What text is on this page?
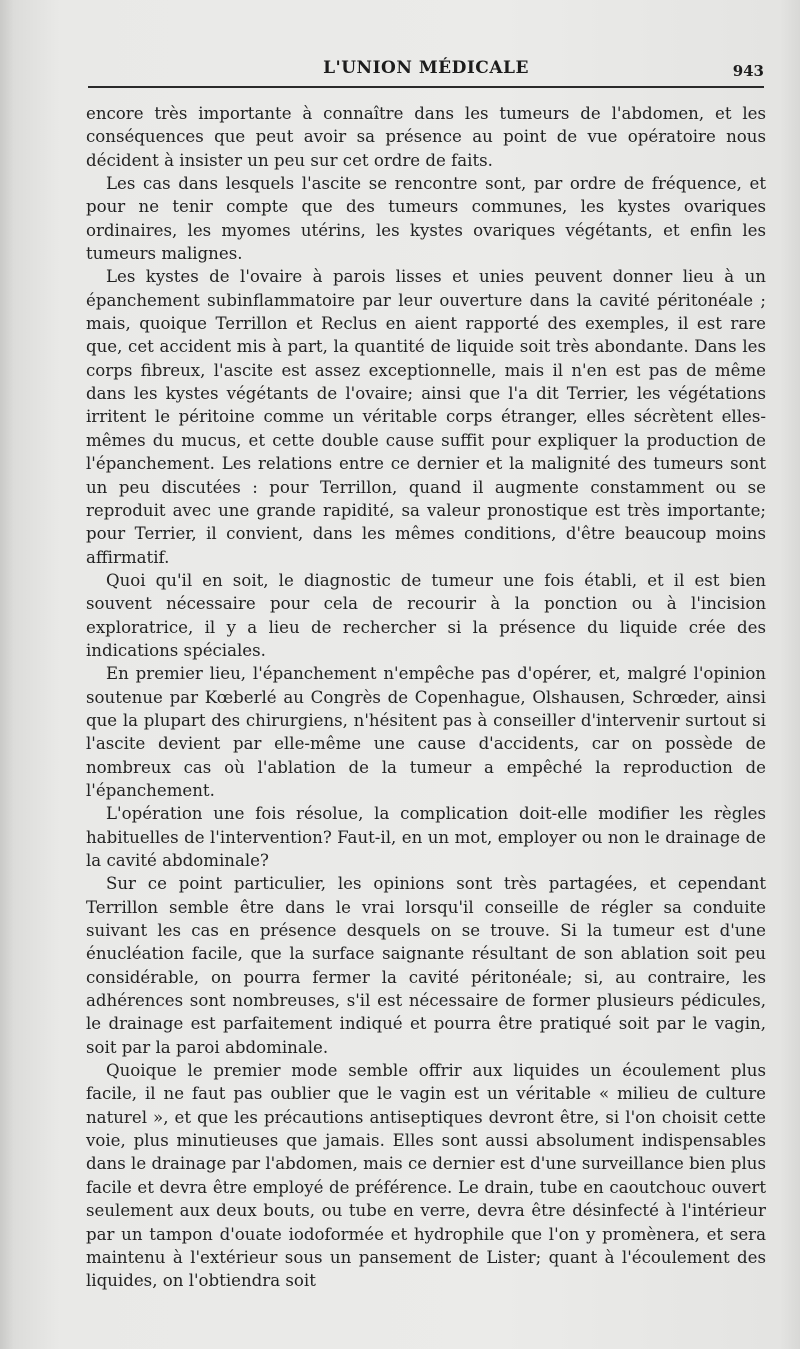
L'UNION MÉDICALE	943

encore très importante à connaître dans les tumeurs de l'abdomen, et les conséquences que peut avoir sa présence au point de vue opératoire nous décident à insister un peu sur cet ordre de faits.

Les cas dans lesquels l'ascite se rencontre sont, par ordre de fréquence, et pour ne tenir compte que des tumeurs communes, les kystes ovariques ordinaires, les myomes utérins, les kystes ovariques végétants, et enfin les tumeurs malignes.

Les kystes de l'ovaire à parois lisses et unies peuvent donner lieu à un épanchement subinflammatoire par leur ouverture dans la cavité péritonéale ; mais, quoique Terrillon et Reclus en aient rapporté des exemples, il est rare que, cet accident mis à part, la quantité de liquide soit très abondante. Dans les corps fibreux, l'ascite est assez exceptionnelle, mais il n'en est pas de même dans les kystes végétants de l'ovaire; ainsi que l'a dit Terrier, les végétations irritent le péritoine comme un véritable corps étranger, elles sécrètent elles-mêmes du mucus, et cette double cause suffit pour expliquer la production de l'épanchement. Les relations entre ce dernier et la malignité des tumeurs sont un peu discutées : pour Terrillon, quand il augmente constamment ou se reproduit avec une grande rapidité, sa valeur pronostique est très importante; pour Terrier, il convient, dans les mêmes conditions, d'être beaucoup moins affirmatif.

Quoi qu'il en soit, le diagnostic de tumeur une fois établi, et il est bien souvent nécessaire pour cela de recourir à la ponction ou à l'incision exploratrice, il y a lieu de rechercher si la présence du liquide crée des indications spéciales.

En premier lieu, l'épanchement n'empêche pas d'opérer, et, malgré l'opinion soutenue par Kœberlé au Congrès de Copenhague, Olshausen, Schrœder, ainsi que la plupart des chirurgiens, n'hésitent pas à conseiller d'intervenir surtout si l'ascite devient par elle-même une cause d'accidents, car on possède de nombreux cas où l'ablation de la tumeur a empêché la reproduction de l'épanchement.

L'opération une fois résolue, la complication doit-elle modifier les règles habituelles de l'intervention? Faut-il, en un mot, employer ou non le drainage de la cavité abdominale?

Sur ce point particulier, les opinions sont très partagées, et cependant Terrillon semble être dans le vrai lorsqu'il conseille de régler sa conduite suivant les cas en présence desquels on se trouve. Si la tumeur est d'une énucléation facile, que la surface saignante résultant de son ablation soit peu considérable, on pourra fermer la cavité péritonéale; si, au contraire, les adhérences sont nombreuses, s'il est nécessaire de former plusieurs pédicules, le drainage est parfaitement indiqué et pourra être pratiqué soit par le vagin, soit par la paroi abdominale.

Quoique le premier mode semble offrir aux liquides un écoulement plus facile, il ne faut pas oublier que le vagin est un véritable « milieu de culture naturel », et que les précautions antiseptiques devront être, si l'on choisit cette voie, plus minutieuses que jamais. Elles sont aussi absolument indispensables dans le drainage par l'abdomen, mais ce dernier est d'une surveillance bien plus facile et devra être employé de préférence. Le drain, tube en caoutchouc ouvert seulement aux deux bouts, ou tube en verre, devra être désinfecté à l'intérieur par un tampon d'ouate iodoformée et hydrophile que l'on y promènera, et sera maintenu à l'extérieur sous un pansement de Lister; quant à l'écoulement des liquides, on l'obtiendra soit
